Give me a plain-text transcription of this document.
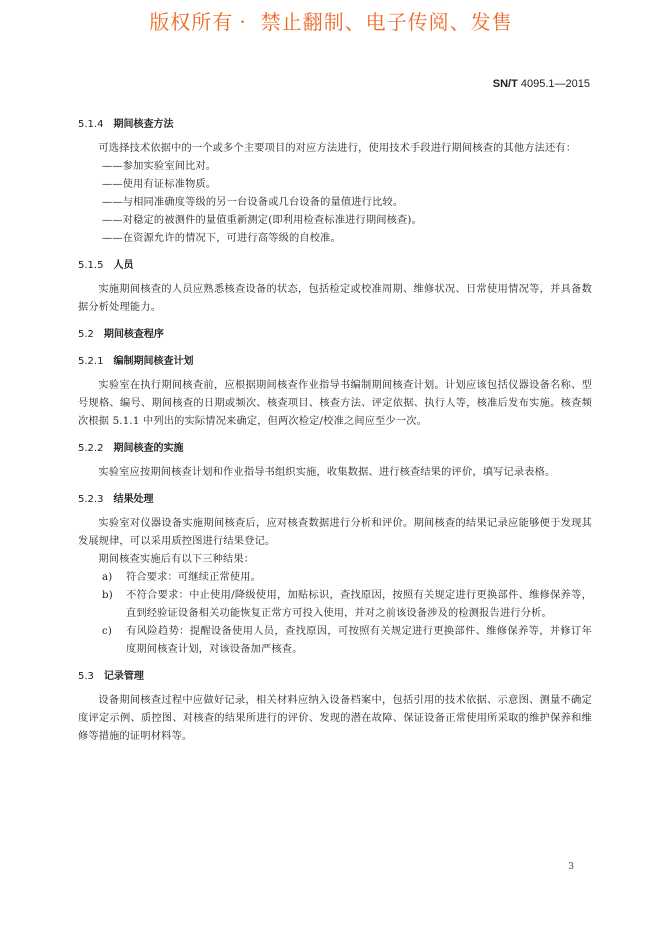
版权所有 · 禁止翻制、电子传阅、发售
SN/T 4095.1—2015

5.1.4 期间核查方法

可选择技术依据中的一个或多个主要项目的对应方法进行，使用技术手段进行期间核查的其他方法还有：

——参加实验室间比对。

——使用有证标准物质。

——与相同准确度等级的另一台设备或几台设备的量值进行比较。

——对稳定的被测件的量值重新测定(即利用检查标准进行期间核查)。

——在资源允许的情况下，可进行高等级的自校准。

5.1.5 人员

实施期间核查的人员应熟悉核查设备的状态，包括检定或校准周期、维修状况、日常使用情况等，并具备数据分析处理能力。

5.2 期间核查程序

5.2.1 编制期间核查计划

实验室在执行期间核查前，应根据期间核查作业指导书编制期间核查计划。计划应该包括仪器设备名称、型号规格、编号、期间核查的日期或频次、核查项目、核查方法、评定依据、执行人等，核准后发布实施。核查频次根据 5.1.1 中列出的实际情况来确定，但两次检定/校准之间应至少一次。

5.2.2 期间核查的实施

实验室应按期间核查计划和作业指导书组织实施，收集数据、进行核查结果的评价，填写记录表格。

5.2.3 结果处理

实验室对仪器设备实施期间核查后，应对核查数据进行分析和评价。期间核查的结果记录应能够便于发现其发展规律，可以采用质控图进行结果登记。

期间核查实施后有以下三种结果：

a) 符合要求：可继续正常使用。

b) 不符合要求：中止使用/降级使用，加贴标识，查找原因，按照有关规定进行更换部件、维修保养等，直到经验证设备相关功能恢复正常方可投入使用，并对之前该设备涉及的检测报告进行分析。

c) 有风险趋势：提醒设备使用人员，查找原因，可按照有关规定进行更换部件、维修保养等，并修订年度期间核查计划，对该设备加严核查。

5.3 记录管理

设备期间核查过程中应做好记录，相关材料应纳入设备档案中，包括引用的技术依据、示意图、测量不确定度评定示例、质控图、对核查的结果所进行的评价、发现的潜在故障、保证设备正常使用所采取的维护保养和维修等措施的证明材料等。

3
